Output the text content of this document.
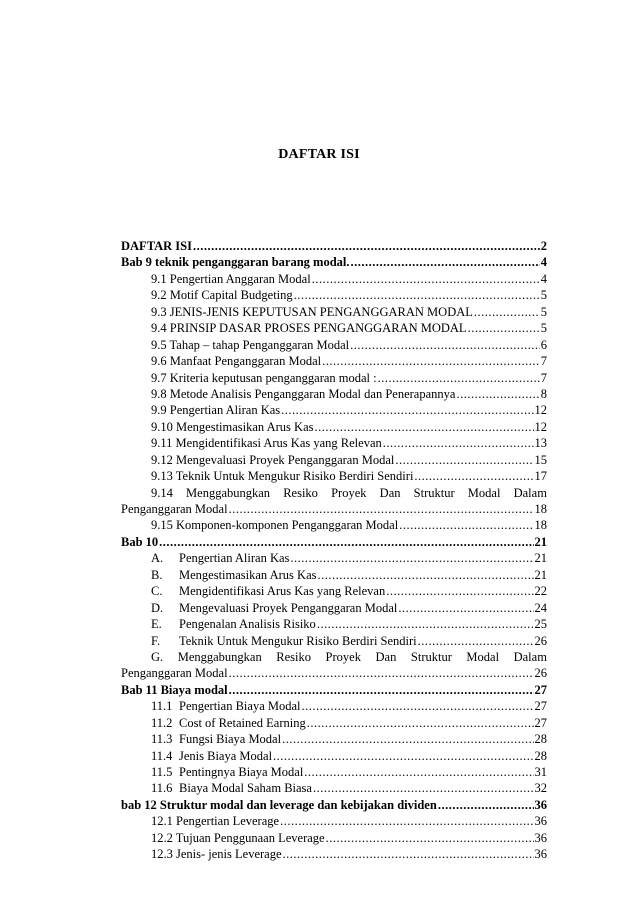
DAFTAR ISI
DAFTAR ISI .....	2
Bab 9 teknik penganggaran barang modal. .....	4
9.1 Pengertian Anggaran Modal .....	4
9.2 Motif Capital Budgeting .....	5
9.3 JENIS-JENIS KEPUTUSAN PENGANGGARAN MODAL .....	5
9.4 PRINSIP DASAR PROSES PENGANGGARAN MODAL .....	5
9.5 Tahap – tahap Penganggaran Modal .....	6
9.6 Manfaat Penganggaran Modal .....	7
9.7 Kriteria keputusan penganggaran modal : .....	7
9.8 Metode Analisis Penganggaran Modal dan Penerapannya .....	8
9.9 Pengertian Aliran Kas .....	12
9.10 Mengestimasikan Arus Kas .....	12
9.11 Mengidentifikasi Arus Kas yang Relevan .....	13
9.12 Mengevaluasi Proyek Penganggaran Modal .....	15
9.13 Teknik Untuk Mengukur Risiko Berdiri Sendiri .....	17
9.14 Menggabungkan Resiko Proyek Dan Struktur Modal Dalam
Penganggaran Modal .....	18
9.15 Komponen-komponen Penganggaran Modal .....	18
Bab 10 .....	21
A. Pengertian Aliran Kas .....	21
B. Mengestimasikan Arus Kas .....	21
C. Mengidentifikasi Arus Kas yang Relevan .....	22
D. Mengevaluasi Proyek Penganggaran Modal .....	24
E. Pengenalan Analisis Risiko .....	25
F. Teknik Untuk Mengukur Risiko Berdiri Sendiri .....	26
G. Menggabungkan Resiko Proyek Dan Struktur Modal Dalam
Penganggaran Modal .....	26
Bab 11 Biaya modal .....	27
11.1 Pengertian Biaya Modal .....	27
11.2 Cost of Retained Earning .....	27
11.3 Fungsi Biaya Modal .....	28
11.4 Jenis Biaya Modal .....	28
11.5 Pentingnya Biaya Modal .....	31
11.6 Biaya Modal Saham Biasa .....	32
bab 12 Struktur modal dan leverage dan kebijakan dividen .....	36
12.1 Pengertian Leverage .....	36
12.2 Tujuan Penggunaan Leverage .....	36
12.3 Jenis- jenis Leverage .....	36
